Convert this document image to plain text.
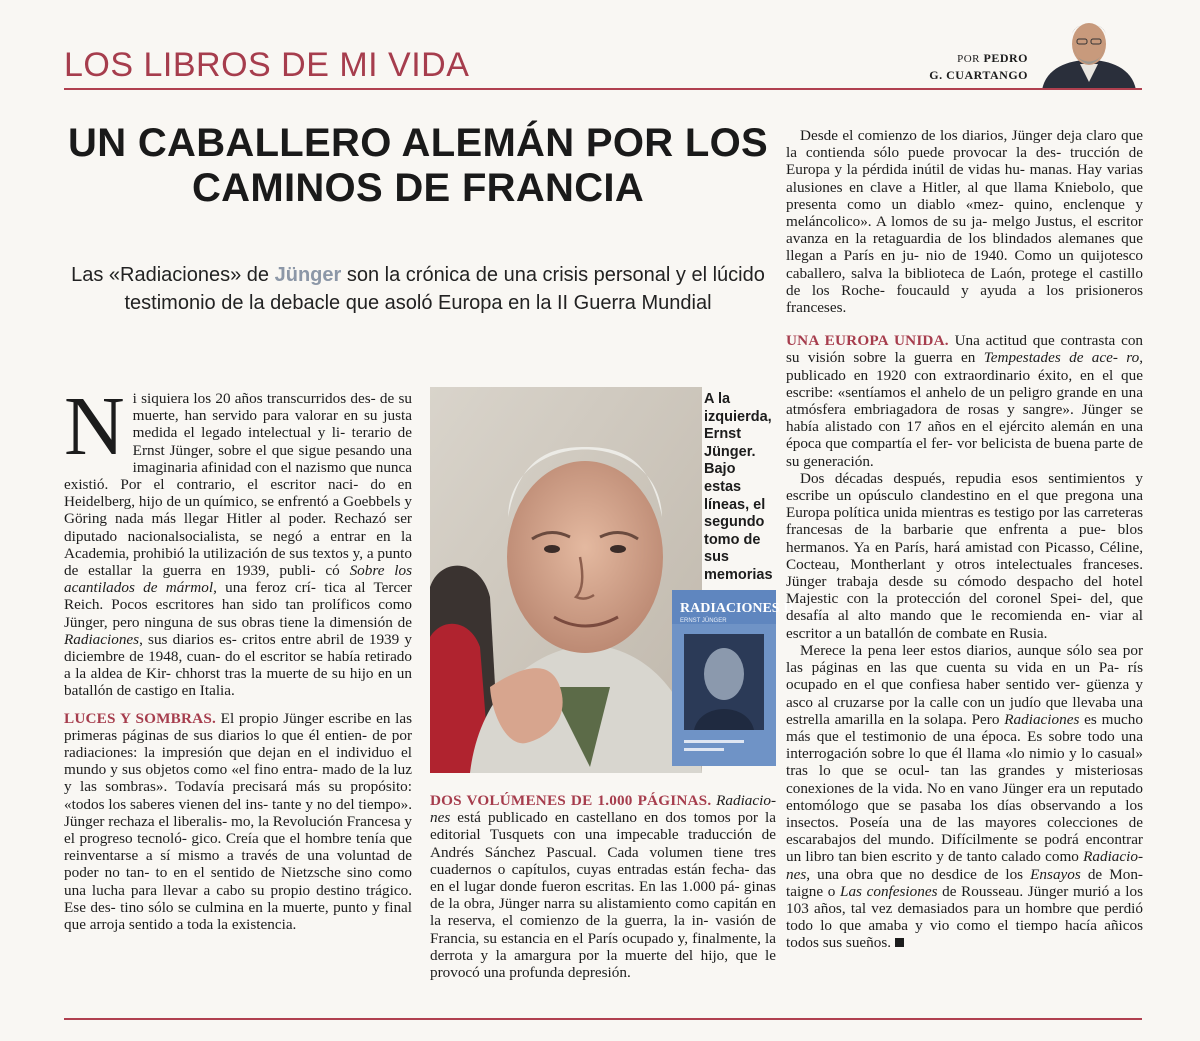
LOS LIBROS DE MI VIDA	POR PEDRO
G. CUARTANGO
UN CABALLERO ALEMÁN POR LOS CAMINOS DE FRANCIA
Las «Radiaciones» de Jünger son la crónica de una crisis personal y el lúcido testimonio de la debacle que asoló Europa en la II Guerra Mundial

Ni siquiera los 20 años transcurridos des- de su muerte, han servido para valorar en su justa medida el legado intelectual y li- terario de Ernst Jünger, sobre el que sigue pesando una imaginaria afinidad con el nazismo que nunca existió. Por el contrario, el escritor naci- do en Heidelberg, hijo de un químico, se enfrentó a Goebbels y Göring nada más llegar Hitler al poder. Rechazó ser diputado nacionalsocialista, se negó a entrar en la Academia, prohibió la utilización de sus textos y, a punto de estallar la guerra en 1939, publi- có Sobre los acantilados de mármol, una feroz crí- tica al Tercer Reich. Pocos escritores han sido tan prolíficos como Jünger, pero ninguna de sus obras tiene la dimensión de Radiaciones, sus diarios es- critos entre abril de 1939 y diciembre de 1948, cuan- do el escritor se había retirado a la aldea de Kir- chhorst tras la muerte de su hijo en un batallón de castigo en Italia.

LUCES Y SOMBRAS. El propio Jünger escribe en las primeras páginas de sus diarios lo que él entien- de por radiaciones: la impresión que dejan en el individuo el mundo y sus objetos como «el fino entra- mado de la luz y las sombras». Todavía precisará más su propósito: «todos los saberes vienen del ins- tante y no del tiempo». Jünger rechaza el liberalis- mo, la Revolución Francesa y el progreso tecnoló- gico. Creía que el hombre tenía que reinventarse a sí mismo a través de una voluntad de poder no tan- to en el sentido de Nietzsche sino como una lucha para llevar a cabo su propio destino trágico. Ese des- tino sólo se culmina en la muerte, punto y final que arroja sentido a toda la existencia.

A la izquierda, Ernst Jünger. Bajo estas líneas, el segundo tomo de sus memorias
RADIACIONES II
ERNST JÜNGER

DOS VOLÚMENES DE 1.000 PÁGINAS. Radiacio- nes está publicado en castellano en dos tomos por la editorial Tusquets con una impecable traducción de Andrés Sánchez Pascual. Cada volumen tiene tres cuadernos o capítulos, cuyas entradas están fecha- das en el lugar donde fueron escritas. En las 1.000 pá- ginas de la obra, Jünger narra su alistamiento como capitán en la reserva, el comienzo de la guerra, la in- vasión de Francia, su estancia en el París ocupado y, finalmente, la derrota y la amargura por la muerte del hijo, que le provocó una profunda depresión.

Desde el comienzo de los diarios, Jünger deja claro que la contienda sólo puede provocar la des- trucción de Europa y la pérdida inútil de vidas hu- manas. Hay varias alusiones en clave a Hitler, al que llama Kniebolo, que presenta como un diablo «mez- quino, enclenque y meláncolico». A lomos de su ja- melgo Justus, el escritor avanza en la retaguardia de los blindados alemanes que llegan a París en ju- nio de 1940. Como un quijotesco caballero, salva la biblioteca de Laón, protege el castillo de los Roche- foucauld y ayuda a los prisioneros franceses.

UNA EUROPA UNIDA. Una actitud que contrasta con su visión sobre la guerra en Tempestades de ace- ro, publicado en 1920 con extraordinario éxito, en el que escribe: «sentíamos el anhelo de un peligro grande en una atmósfera embriagadora de rosas y sangre». Jünger se había alistado con 17 años en el ejército alemán en una época que compartía el fer- vor belicista de buena parte de su generación.

Dos décadas después, repudia esos sentimientos y escribe un opúsculo clandestino en el que pregona una Europa política unida mientras es testigo por las carreteras francesas de la barbarie que enfrenta a pue- blos hermanos. Ya en París, hará amistad con Picasso, Céline, Cocteau, Montherlant y otros intelectuales franceses. Jünger trabaja desde su cómodo despacho del hotel Majestic con la protección del coronel Spei- del, que desafía al alto mando que le recomienda en- viar al escritor a un batallón de combate en Rusia.

Merece la pena leer estos diarios, aunque sólo sea por las páginas en las que cuenta su vida en un Pa- rís ocupado en el que confiesa haber sentido ver- güenza y asco al cruzarse por la calle con un judío que llevaba una estrella amarilla en la solapa. Pero Radiaciones es mucho más que el testimonio de una época. Es sobre todo una interrogación sobre lo que él llama «lo nimio y lo casual» tras lo que se ocul- tan las grandes y misteriosas conexiones de la vida. No en vano Jünger era un reputado entomólogo que se pasaba los días observando a los insectos. Poseía una de las mayores colecciones de escarabajos del mundo. Difícilmente se podrá encontrar un libro tan bien escrito y de tanto calado como Radiacio- nes, una obra que no desdice de los Ensayos de Mon- taigne o Las confesiones de Rousseau. Jünger murió a los 103 años, tal vez demasiados para un hombre que perdió todo lo que amaba y vio como el tiempo hacía añicos todos sus sueños.
